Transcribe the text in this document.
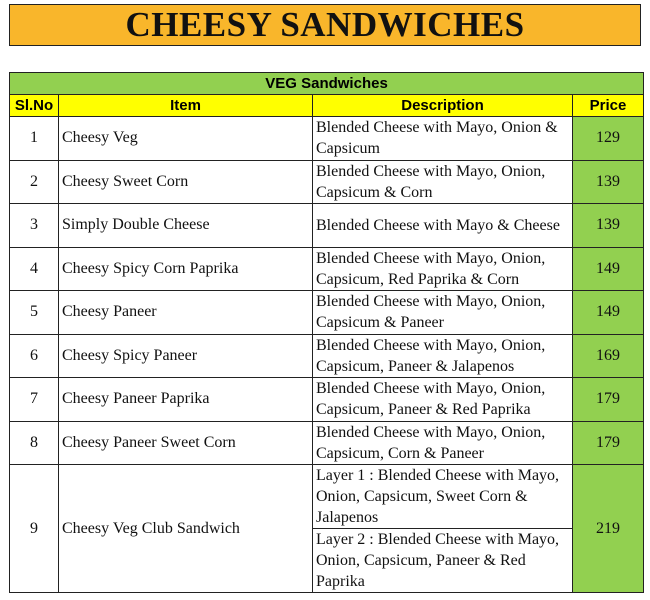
CHEESY SANDWICHES
VEG Sandwiches			
Sl.No	Item	Description	Price
1	Cheesy Veg	Blended Cheese with Mayo, Onion & Capsicum	129
2	Cheesy Sweet Corn	Blended Cheese with Mayo, Onion, Capsicum & Corn	139
3	Simply Double Cheese	Blended Cheese with Mayo & Cheese	139
4	Cheesy Spicy Corn Paprika	Blended Cheese with Mayo, Onion, Capsicum, Red Paprika & Corn	149
5	Cheesy Paneer	Blended Cheese with Mayo, Onion, Capsicum & Paneer	149
6	Cheesy Spicy Paneer	Blended Cheese with Mayo, Onion, Capsicum, Paneer & Jalapenos	169
7	Cheesy Paneer Paprika	Blended Cheese with Mayo, Onion, Capsicum, Paneer & Red Paprika	179
8	Cheesy Paneer Sweet Corn	Blended Cheese with Mayo, Onion, Capsicum, Corn & Paneer	179
9	Cheesy Veg Club Sandwich	Layer 1 : Blended Cheese with Mayo, Onion, Capsicum, Sweet Corn & Jalapenos	219
		Layer 2 : Blended Cheese with Mayo, Onion, Capsicum, Paneer & Red Paprika	
